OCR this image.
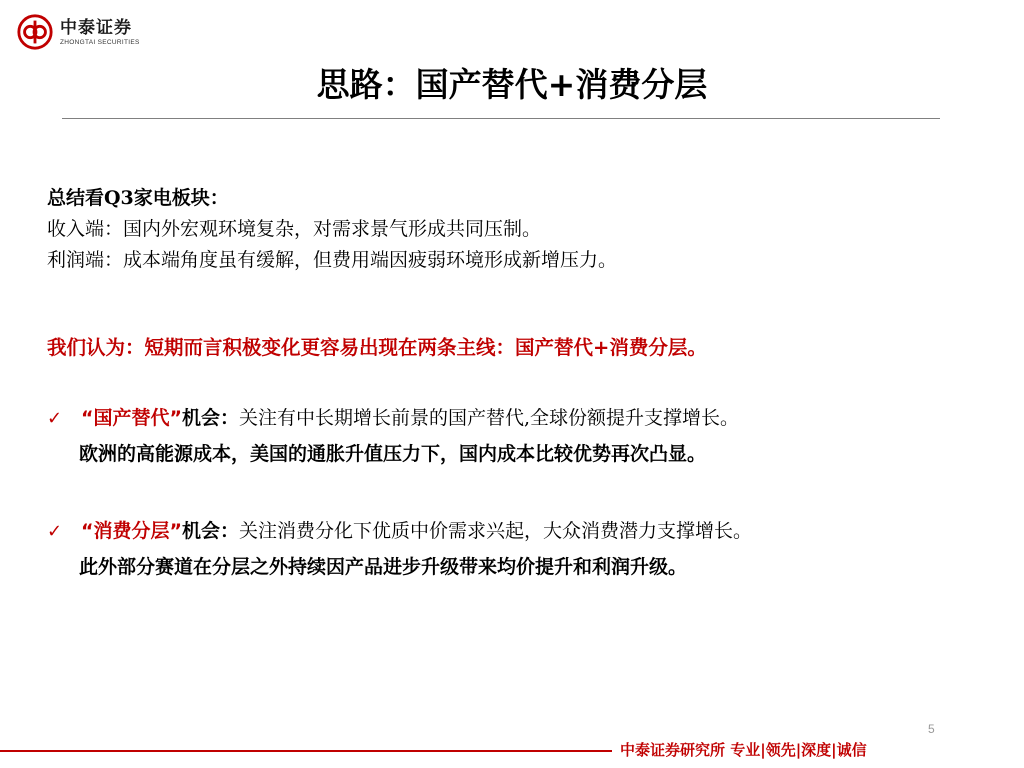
中泰证券
ZHONGTAI SECURITIES
思路：国产替代+消费分层
总结看Q3家电板块：
收入端：国内外宏观环境复杂，对需求景气形成共同压制。
利润端：成本端角度虽有缓解，但费用端因疲弱环境形成新增压力。
我们认为：短期而言积极变化更容易出现在两条主线：国产替代+消费分层。
✓ “国产替代”机会： 关注有中长期增长前景的国产替代,全球份额提升支撑增长。
欧洲的高能源成本，美国的通胀升值压力下，国内成本比较优势再次凸显。
✓ “消费分层”机会： 关注消费分化下优质中价需求兴起，大众消费潜力支撑增长。
此外部分赛道在分层之外持续因产品进步升级带来均价提升和利润升级。
5
中泰证券研究所 专业|领先|深度|诚信
